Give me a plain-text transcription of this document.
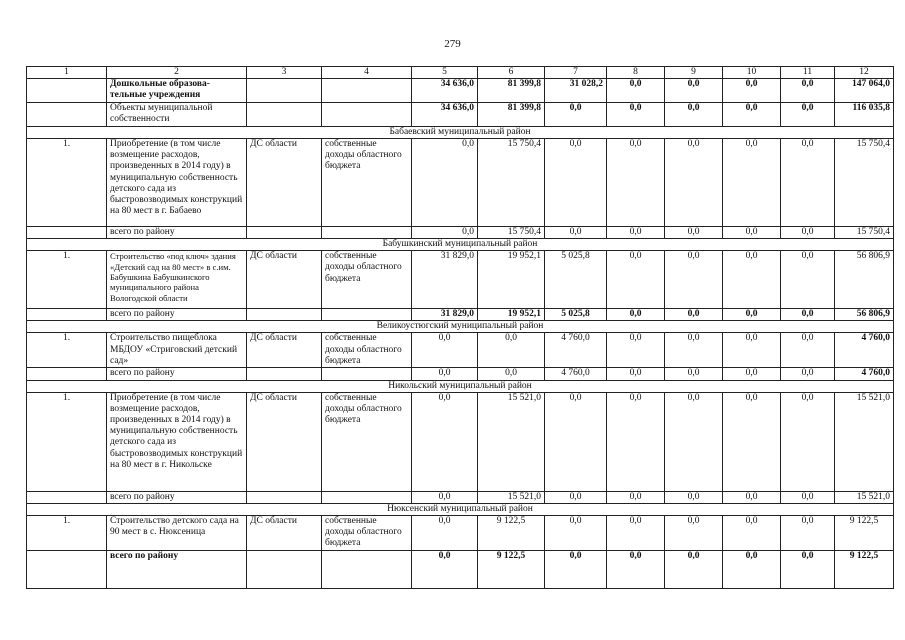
279
1	2	3	4	5	6	7	8	9	10	11	12
	Дошкольные образова-тельные учреждения			34 636,0	81 399,8	31 028,2	0,0	0,0	0,0	0,0	147 064,0
	Объекты муниципальной собственности			34 636,0	81 399,8	0,0	0,0	0,0	0,0	0,0	116 035,8
Бабаевский муниципальный район											
1.	Приобретение (в том числе возмещение расходов, произведенных в 2014 году) в муниципальную собственность детского сада из быстровозводимых конструкций на 80 мест в г. Бабаево	ДС области	собственные доходы областного бюджета	0,0	15 750,4	0,0	0,0	0,0	0,0	0,0	15 750,4
	всего по району			0,0	15 750,4	0,0	0,0	0,0	0,0	0,0	15 750,4
Бабушкинский муниципальный район											
1.	Строительство «под ключ» здания «Детский сад на 80 мест» в с.им. Бабушкина Бабушкинского муниципального района Вологодской области	ДС области	собственные доходы областного бюджета	31 829,0	19 952,1	5 025,8	0,0	0,0	0,0	0,0	56 806,9
	всего по району			31 829,0	19 952,1	5 025,8	0,0	0,0	0,0	0,0	56 806,9
Великоустюгский муниципальный район											
1.	Строительство пищеблока МБДОУ «Стриговский детский сад»	ДС области	собственные доходы областного бюджета	0,0	0,0	4 760,0	0,0	0,0	0,0	0,0	4 760,0
	всего по району			0,0	0,0	4 760,0	0,0	0,0	0,0	0,0	4 760,0
Никольский муниципальный район											
1.	Приобретение (в том числе возмещение расходов, произведенных в 2014 году) в муниципальную собственность детского сада из быстровозводимых конструкций на 80 мест в г. Никольске	ДС области	собственные доходы областного бюджета	0,0	15 521,0	0,0	0,0	0,0	0,0	0,0	15 521,0
	всего по району			0,0	15 521,0	0,0	0,0	0,0	0,0	0,0	15 521,0
Нюксенский муниципальный район											
1.	Строительство детского сада на 90 мест в с. Нюксеница	ДС области	собственные доходы областного бюджета	0,0	9 122,5	0,0	0,0	0,0	0,0	0,0	9 122,5
	всего по району			0,0	9 122,5	0,0	0,0	0,0	0,0	0,0	9 122,5
